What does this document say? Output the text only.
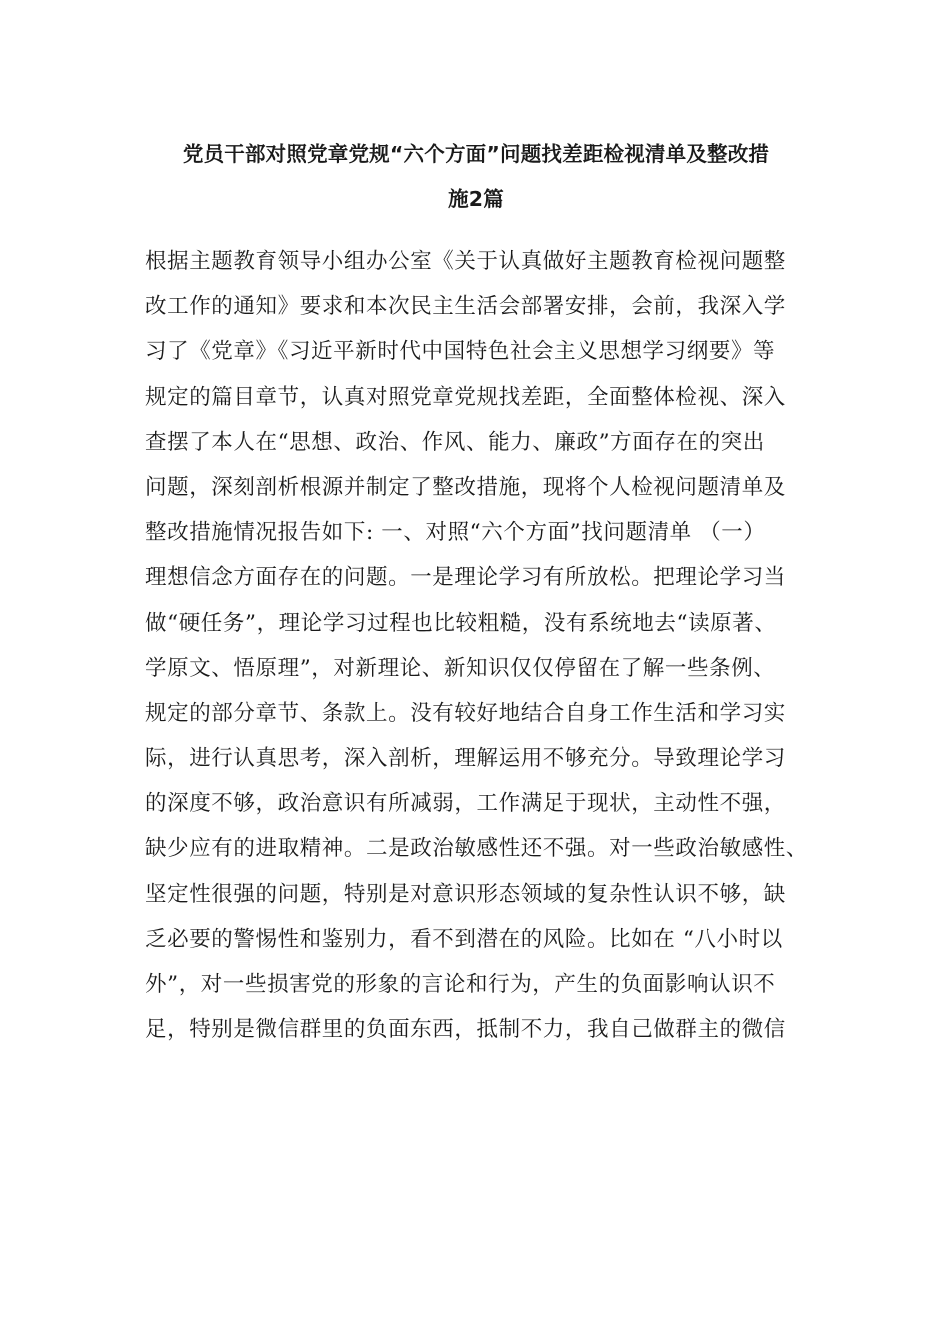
党员干部对照党章党规“六个方面”问题找差距检视清单及整改措
施2篇
根据主题教育领导小组办公室《关于认真做好主题教育检视问题整
改工作的通知》要求和本次民主生活会部署安排，会前，我深入学
习了《党章》《习近平新时代中国特色社会主义思想学习纲要》等
规定的篇目章节，认真对照党章党规找差距，全面整体检视、深入
查摆了本人在“思想、政治、作风、能力、廉政”方面存在的突出
问题，深刻剖析根源并制定了整改措施，现将个人检视问题清单及
整改措施情况报告如下: 一、对照“六个方面”找问题清单 （一）
理想信念方面存在的问题。一是理论学习有所放松。把理论学习当
做“硬任务”，理论学习过程也比较粗糙，没有系统地去“读原著、
学原文、悟原理”，对新理论、新知识仅仅停留在了解一些条例、
规定的部分章节、条款上。没有较好地结合自身工作生活和学习实
际，进行认真思考，深入剖析，理解运用不够充分。导致理论学习
的深度不够，政治意识有所减弱，工作满足于现状，主动性不强，
缺少应有的进取精神。二是政治敏感性还不强。对一些政治敏感性、
坚定性很强的问题，特别是对意识形态领域的复杂性认识不够，缺
乏必要的警惕性和鉴别力，看不到潜在的风险。比如在 “八小时以
外”，对一些损害党的形象的言论和行为，产生的负面影响认识不
足，特别是微信群里的负面东西，抵制不力，我自己做群主的微信
